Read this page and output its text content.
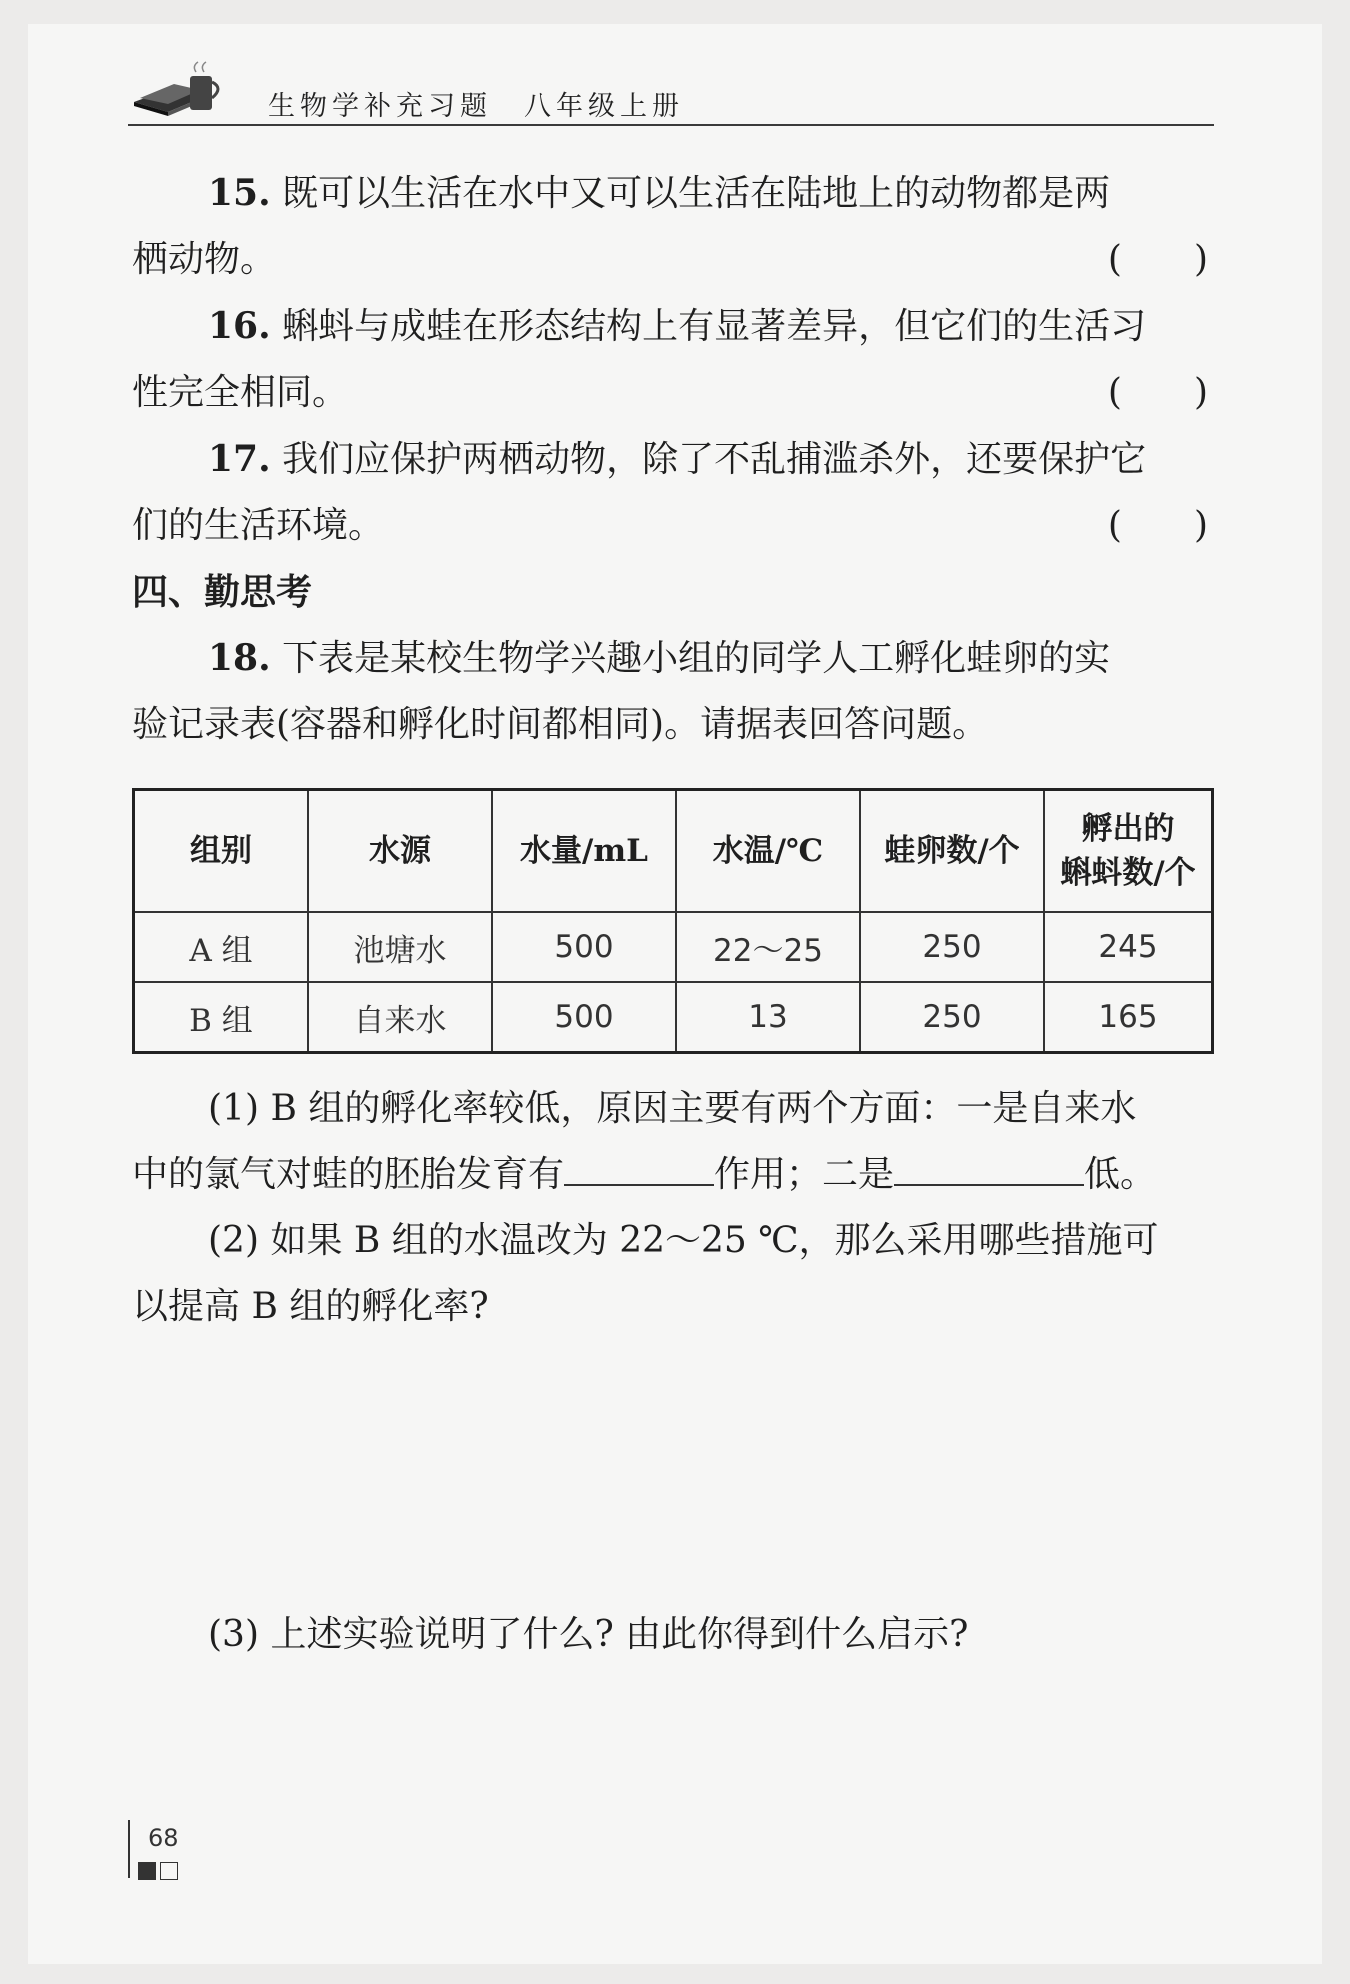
生物学补充习题　八年级上册
15. 既可以生活在水中又可以生活在陆地上的动物都是两
栖动物。	(　　)
16. 蝌蚪与成蛙在形态结构上有显著差异，但它们的生活习
性完全相同。	(　　)
17. 我们应保护两栖动物，除了不乱捕滥杀外，还要保护它
们的生活环境。	(　　)
四、勤思考
18. 下表是某校生物学兴趣小组的同学人工孵化蛙卵的实
验记录表(容器和孵化时间都相同)。请据表回答问题。
组别	水源	水量/mL	水温/℃	蛙卵数/个	孵出的
蝌蚪数/个

A 组	池塘水	500	22～25	250	245
B 组	自来水	500	13	250	165
(1) B 组的孵化率较低，原因主要有两个方面：一是自来水
中的氯气对蛙的胚胎发育有	作用；二是	低。
(2) 如果 B 组的水温改为 22～25 ℃，那么采用哪些措施可
以提高 B 组的孵化率?
(3) 上述实验说明了什么? 由此你得到什么启示?
68
